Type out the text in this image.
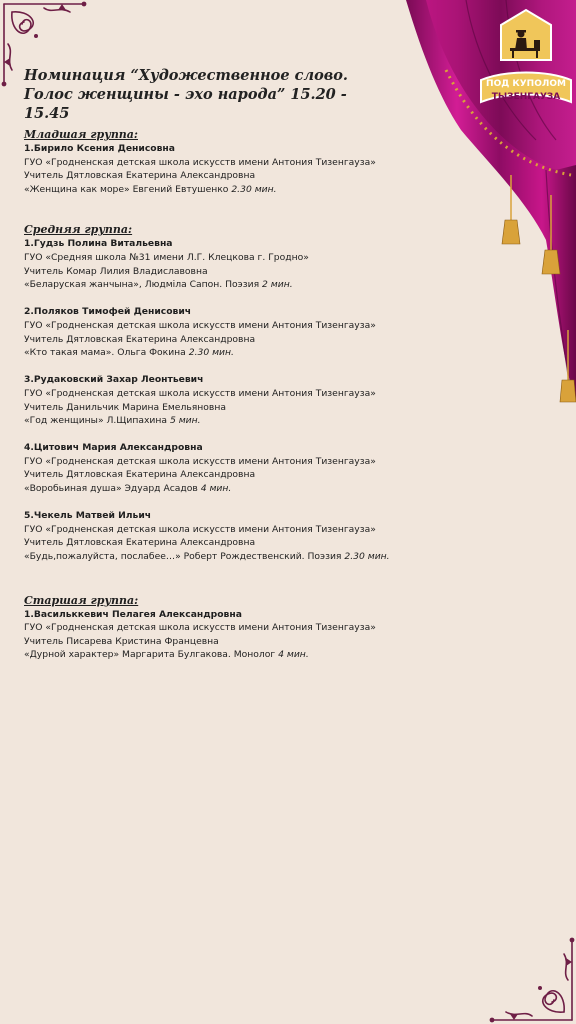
ПОД КУПОЛОМ
ТЫЗЕНГАУЗА
Номинация “Художественное слово.
Голос женщины - эхо народа” 15.20 - 15.45

Младшая группа:

1.Бирило Ксения Денисовна
ГУО «Гродненская детская школа искусств имени Антония Тизенгауза»
Учитель Дятловская Екатерина Александровна
«Женщина как море» Евгений Евтушенко 2.30 мин.

Средняя группа:

1.Гудзь Полина Витальевна
ГУО «Средняя школа №31 имени Л.Г. Клецкова г. Гродно»
Учитель Комар Лилия Владиславовна
«Беларуская жанчына», Людміла Сапон. Поэзия 2 мин.
2.Поляков Тимофей Денисович
ГУО «Гродненская детская школа искусств имени Антония Тизенгауза»
Учитель Дятловская Екатерина Александровна
«Кто такая мама». Ольга Фокина 2.30 мин.
3.Рудаковский Захар Леонтьевич
ГУО «Гродненская детская школа искусств имени Антония Тизенгауза»
Учитель Данильчик Марина Емельяновна
«Год женщины» Л.Щипахина 5 мин.
4.Цитович Мария Александровна
ГУО «Гродненская детская школа искусств имени Антония Тизенгауза»
Учитель Дятловская Екатерина Александровна
«Воробьиная душа» Эдуард Асадов 4 мин.
5.Чекель Матвей Ильич
ГУО «Гродненская детская школа искусств имени Антония Тизенгауза»
Учитель Дятловская Екатерина Александровна
«Будь,пожалуйста, послабее…» Роберт Рождественский. Поэзия 2.30 мин.

Старшая группа:

1.Васильккевич Пелагея Александровна
ГУО «Гродненская детская школа искусств имени Антония Тизенгауза»
Учитель Писарева Кристина Францевна
«Дурной характер» Маргарита Булгакова. Монолог 4 мин.
